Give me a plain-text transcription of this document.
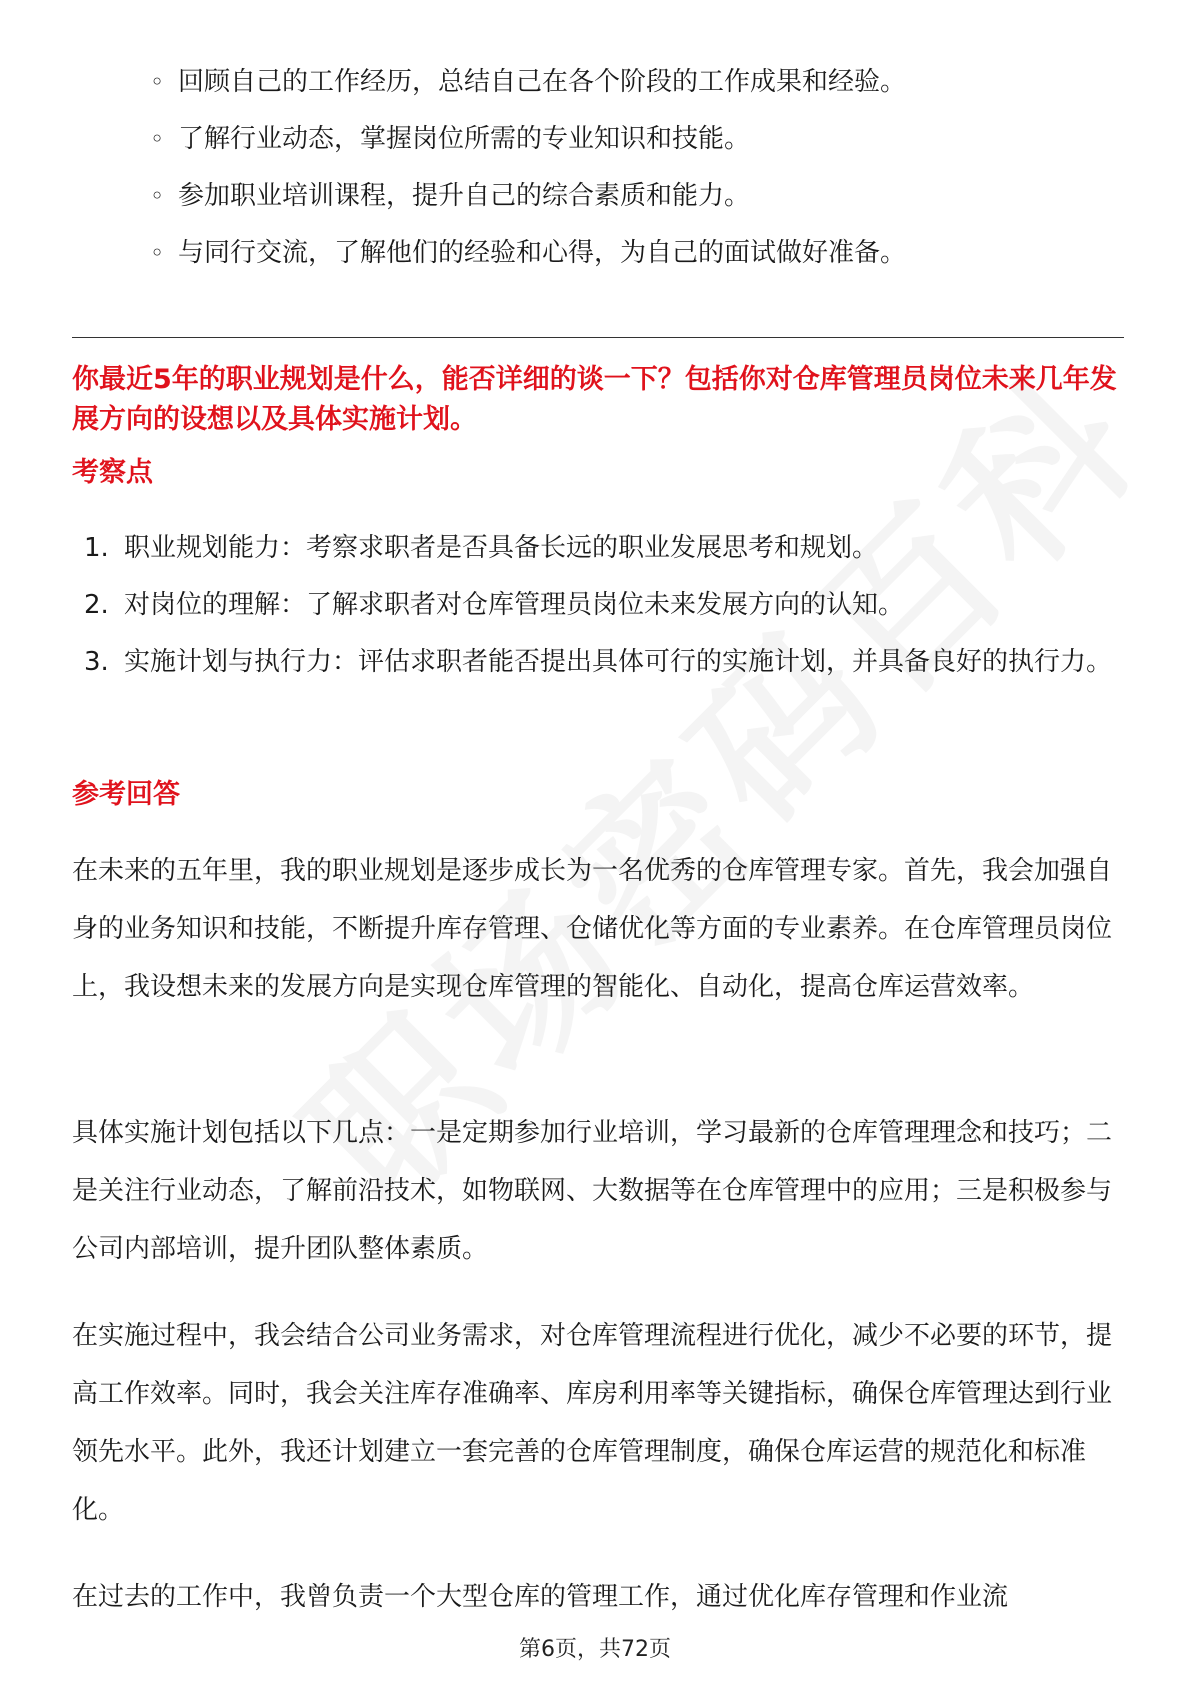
◦ 回顾自己的工作经历，总结自己在各个阶段的工作成果和经验。
◦ 了解行业动态，掌握岗位所需的专业知识和技能。
◦ 参加职业培训课程，提升自己的综合素质和能力。
◦ 与同行交流，了解他们的经验和心得，为自己的面试做好准备。
你最近5年的职业规划是什么，能否详细的谈一下？包括你对仓库管理员岗位未来几年发展方向的设想以及具体实施计划。
考察点
1. 职业规划能力：考察求职者是否具备长远的职业发展思考和规划。
2. 对岗位的理解：了解求职者对仓库管理员岗位未来发展方向的认知。
3. 实施计划与执行力：评估求职者能否提出具体可行的实施计划，并具备良好的执行力。
参考回答
在未来的五年里，我的职业规划是逐步成长为一名优秀的仓库管理专家。首先，我会加强自身的业务知识和技能，不断提升库存管理、仓储优化等方面的专业素养。在仓库管理员岗位上，我设想未来的发展方向是实现仓库管理的智能化、自动化，提高仓库运营效率。
具体实施计划包括以下几点：一是定期参加行业培训，学习最新的仓库管理理念和技巧；二是关注行业动态，了解前沿技术，如物联网、大数据等在仓库管理中的应用；三是积极参与公司内部培训，提升团队整体素质。
在实施过程中，我会结合公司业务需求，对仓库管理流程进行优化，减少不必要的环节，提高工作效率。同时，我会关注库存准确率、库房利用率等关键指标，确保仓库管理达到行业领先水平。此外，我还计划建立一套完善的仓库管理制度，确保仓库运营的规范化和标准化。
在过去的工作中，我曾负责一个大型仓库的管理工作，通过优化库存管理和作业流
第6页，共72页
